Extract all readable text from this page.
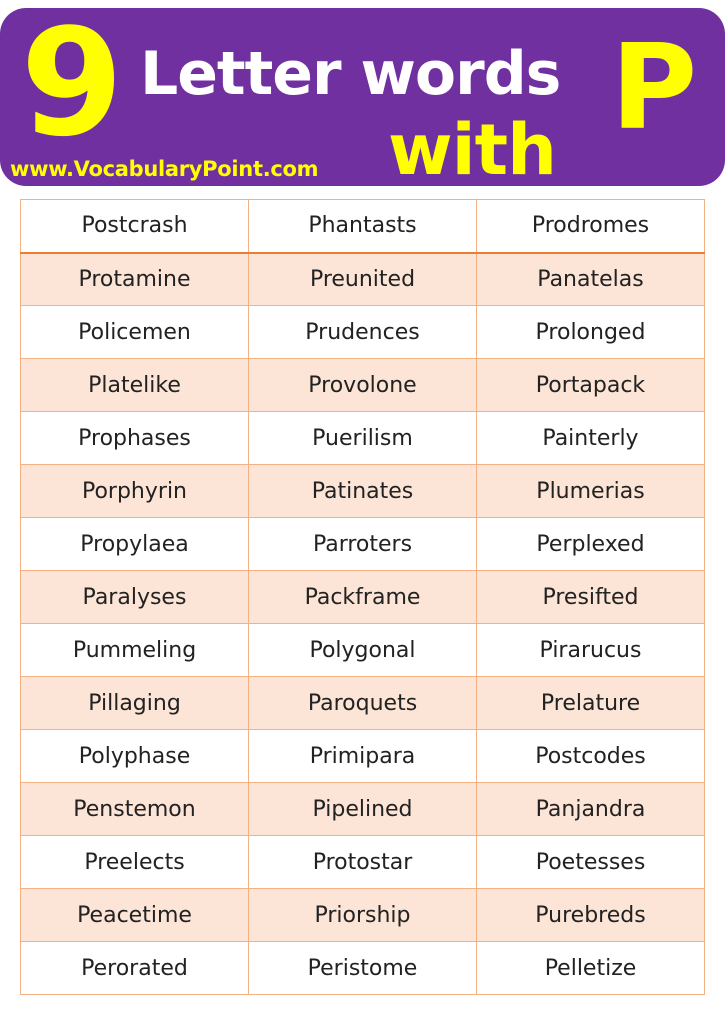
9 Letter words P
with
www.VocabularyPoint.com
Postcrash	Phantasts	Prodromes
Protamine	Preunited	Panatelas
Policemen	Prudences	Prolonged
Platelike	Provolone	Portapack
Prophases	Puerilism	Painterly
Porphyrin	Patinates	Plumerias
Propylaea	Parroters	Perplexed
Paralyses	Packframe	Presifted
Pummeling	Polygonal	Pirarucus
Pillaging	Paroquets	Prelature
Polyphase	Primipara	Postcodes
Penstemon	Pipelined	Panjandra
Preelects	Protostar	Poetesses
Peacetime	Priorship	Purebreds
Perorated	Peristome	Pelletize
